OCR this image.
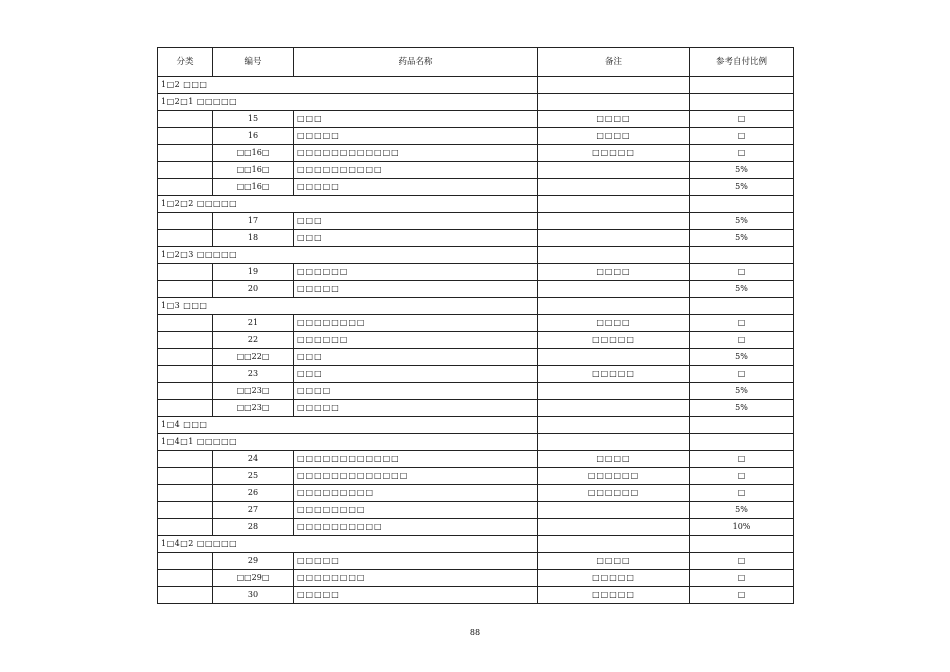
分类	编号	药品名称	备注	参考自付比例
1□2 □□□				
1□2□1 □□□□□				
	15	□□□	□□□□	□
	16	□□□□□	□□□□	□
	□□16□	□□□□□□□□□□□□	□□□□□	□
	□□16□	□□□□□□□□□□		5%
	□□16□	□□□□□		5%
1□2□2 □□□□□				
	17	□□□		5%
	18	□□□		5%
1□2□3 □□□□□				
	19	□□□□□□	□□□□	□
	20	□□□□□		5%
1□3 □□□				
	21	□□□□□□□□	□□□□	□
	22	□□□□□□	□□□□□	□
	□□22□	□□□		5%
	23	□□□	□□□□□	□
	□□23□	□□□□		5%
	□□23□	□□□□□		5%
1□4 □□□				
1□4□1 □□□□□				
	24	□□□□□□□□□□□□	□□□□	□
	25	□□□□□□□□□□□□□	□□□□□□	□
	26	□□□□□□□□□	□□□□□□	□
	27	□□□□□□□□		5%
	28	□□□□□□□□□□		10%
1□4□2 □□□□□				
	29	□□□□□	□□□□	□
	□□29□	□□□□□□□□	□□□□□	□
	30	□□□□□	□□□□□	□
88
